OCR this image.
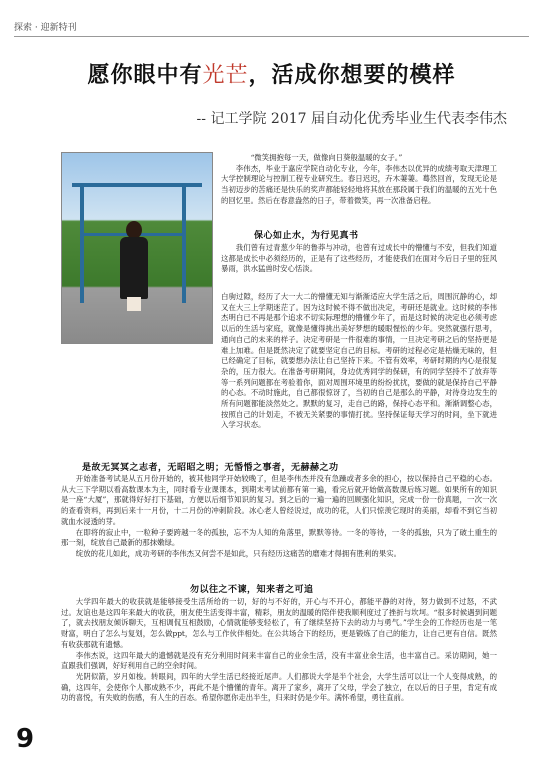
探索 · 迎新特刊
愿你眼中有光芒，活成你想要的模样
-- 记工学院 2017 届自动化优秀毕业生代表李伟杰

“微笑拥抱每一天，做像向日葵般温暖的女子。”

李伟杰，毕业于嘉应学院自动化专业，今年，李伟杰以优异的成绩考取天津理工大学控制理论与控制工程专业研究生。春日迟迟，卉木萋萋。蓦然回首，发现无论是当初迈步的苦痛还是快乐的奖声都能轻轻地将其放在那段属于我们的温暖的五光十色的回忆里。然后在春意盎然的日子，带着微笑，再一次准备启程。

保心如止水，为行见真书

我们曾有过青葱少年的鲁莽与冲动，也曾有过成长中的懵懂与不安，但我们知道这都是成长中必须经历的，正是有了这些经历，才能使我们在面对今后日子里的狂风暴雨，洪水猛兽时安心恬淡。

白驹过隙，经历了大一大二的懵懂无知与渐渐适应大学生活之后，周围沉静的心，却又在大三上学期迷茫了。因为这时候不得不做出决定，考研还是就业。这时候的李伟杰明白已不再是那个追求不切实际理想的懵懂少年了，而是这时候的决定也必须考虑以后的生活与家庭，就像是懂得挑出美好梦想的暖眼惺忪的少年。突然就强行思考，通向自己的未来的样子。决定考研是一件很难的事情，一旦决定考研之后的坚持更是难上加难。但是既然决定了就要坚定自己的目标。考研的过程必定是枯燥无味的，但已经确定了目标，就要想办法让自己坚持下来。不管有效率，考研时期的内心是很复杂的，压力很大。在准备考研期间，身边优秀同学的保研，有的同学坚持不了放弃等等一系列问题都在考验着你，面对周围环境里的纷纷扰扰，要做的就是保持自己平静的心态。不动时施此，自己都很惊讶了，当初的自己是那么的平静，对待身边发生的所有问题都能淡然处之。默默的复习，走自己的路，保持心态平和。渐渐调整心态，按照自己的计划走，不被无关紧要的事情打扰。坚持保证每天学习的时间，坐下就进入学习状态。

是故无冥冥之志者，无昭昭之明；无惛惛之事者，无赫赫之功

开始准备考试是从五月份开始的，被其他同学开始较晚了，但是李伟杰并没有急躁或者多余的担心，按以保持自己平稳的心态。从大三下学期以看高数课本为主，同时看专业课课本，到期末考试前都有第一遍，看完后就开始做高数课后练习题。如果所有的知识是一座“大厦”，那就得好好打下基础，方便以后细节知识的复习。到之后的一遍一遍的回顾强化知识，完成一份一份真题，一次一次的查看资料，再到后来十一月份，十二月份的冲刺阶段。冰心老人曾经说过，成功的花，人们只惊羡它现时的美丽，却看不到它当初就血水浸透的芽。

在即将的寂止中，一粒种子要跨越一冬的孤独，忘不为人知的角落里，默默等待。一冬的等待，一冬的孤独，只为了破土重生的那一刻，绽放自己最新的那抹嫩绿。

绽放的花儿如此，成功考研的李伟杰又何尝不是如此，只有经历这痛苦的磨难才得拥有胜利的果实。

勿以往之不谏，知来者之可追

大学四年最大的收获就是能够接受生活所给的一切，好的与不好的，开心与不开心，都能平静的对待，努力做到不过怒，不武过。友谊也是这四年来最大的收获，朋友使生活变得丰富，精彩，朋友的温暖的陪伴使我顺利度过了挫折与坎坷。“很多时候遇到问题了，就去找朋友倾诉聊天，互相调侃互相鼓励，心情就能够变轻松了，有了继续坚持下去的动力与勇气。”学生会的工作经历也是一笔财富，明白了怎么与复划，怎么做ppt，怎么与工作伙伴相处。在公共场合下的经历，更是锻炼了自己的能力，让自己更有自信。既然有收获那就有遗憾。

李伟杰说，这四年最大的遗憾就是没有充分利用时间来丰富自己的业余生活，没有丰富业余生活，也丰富自己。采访期间，她一直跟我们强调，好好利用自己的空余时间。

光阴似箭，岁月如梭。转眼间，四年的大学生活已经接近尾声。人们都说大学是半个社会，大学生活可以让一个人变得成熟，的确，这四年，会使你个人都成熟不少，再此不是个懵懂的青年。离开了家乡，离开了父母，学会了独立，在以后的日子里，肯定有成功的喜悦，有失败的伤感，有人生的百态。希望你愿你走出半生，归来时仍是少年。满怀希望，勇往直前。

9
